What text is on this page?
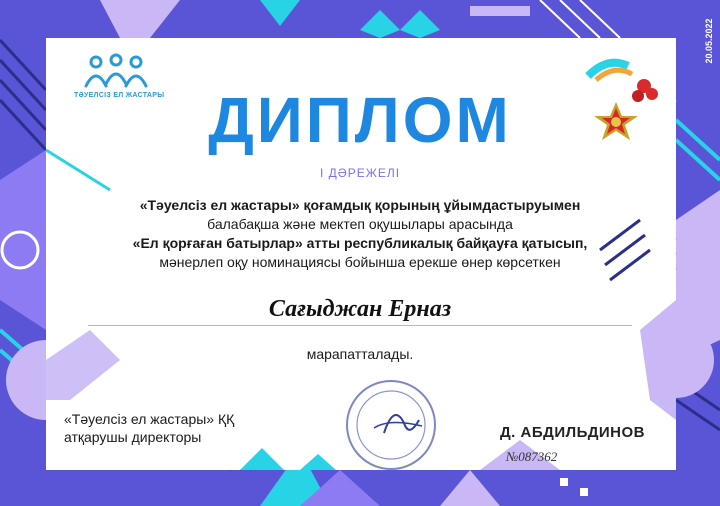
ТӘУЕЛСІЗ ЕЛ ЖАСТАРЫ
20.05.2022
ДИПЛОМ
І ДӘРЕЖЕЛІ
«Тәуелсіз ел жастары» қоғамдық қорының ұйымдастыруымен
балабақша және мектеп оқушылары арасында
«Ел қорғаған батырлар» атты республикалық байқауға қатысып,
мәнерлеп оқу номинациясы бойынша ерекше өнер көрсеткен
Сағыджан Ерназ
марапатталады.
«Тәуелсіз ел жастары» ҚҚ
атқарушы директоры	Д. АБДИЛЬДИНОВ
№087362
